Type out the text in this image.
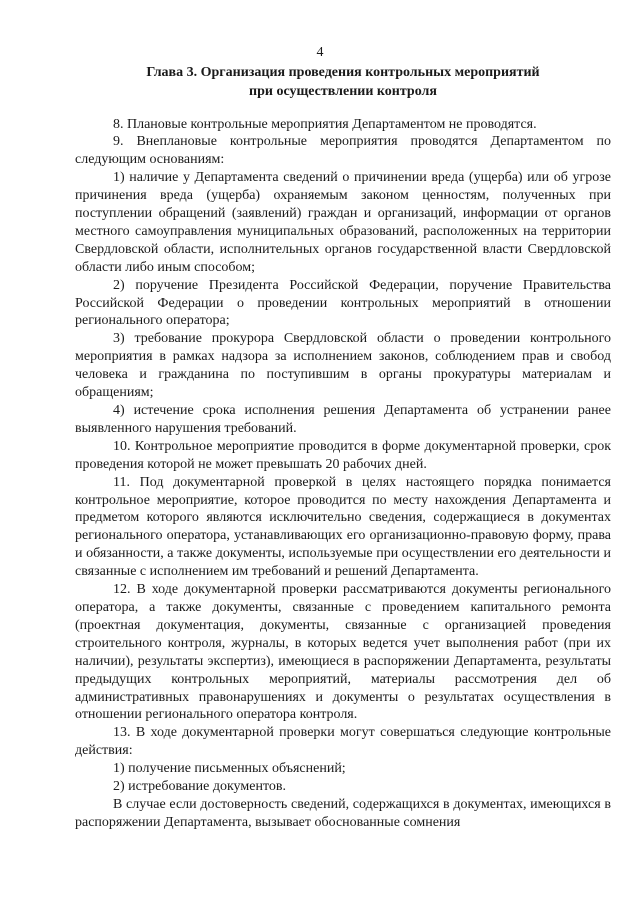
4
Глава 3. Организация проведения контрольных мероприятий
при осуществлении контроля

8. Плановые контрольные мероприятия Департаментом не проводятся.

9. Внеплановые контрольные мероприятия проводятся Департаментом по следующим основаниям:

1) наличие у Департамента сведений о причинении вреда (ущерба) или об угрозе причинения вреда (ущерба) охраняемым законом ценностям, полученных при поступлении обращений (заявлений) граждан и организаций, информации от органов местного самоуправления муниципальных образований, расположенных на территории Свердловской области, исполнительных органов государственной власти Свердловской области либо иным способом;

2) поручение Президента Российской Федерации, поручение Правительства Российской Федерации о проведении контрольных мероприятий в отношении регионального оператора;

3) требование прокурора Свердловской области о проведении контрольного мероприятия в рамках надзора за исполнением законов, соблюдением прав и свобод человека и гражданина по поступившим в органы прокуратуры материалам и обращениям;

4) истечение срока исполнения решения Департамента об устранении ранее выявленного нарушения требований.

10. Контрольное мероприятие проводится в форме документарной проверки, срок проведения которой не может превышать 20 рабочих дней.

11. Под документарной проверкой в целях настоящего порядка понимается контрольное мероприятие, которое проводится по месту нахождения Департамента и предметом которого являются исключительно сведения, содержащиеся в документах регионального оператора, устанавливающих его организационно-правовую форму, права и обязанности, а также документы, используемые при осуществлении его деятельности и связанные с исполнением им требований и решений Департамента.

12. В ходе документарной проверки рассматриваются документы регионального оператора, а также документы, связанные с проведением капитального ремонта (проектная документация, документы, связанные с организацией проведения строительного контроля, журналы, в которых ведется учет выполнения работ (при их наличии), результаты экспертиз), имеющиеся в распоряжении Департамента, результаты предыдущих контрольных мероприятий, материалы рассмотрения дел об административных правонарушениях и документы о результатах осуществления в отношении регионального оператора контроля.

13. В ходе документарной проверки могут совершаться следующие контрольные действия:

1) получение письменных объяснений;

2) истребование документов.

В случае если достоверность сведений, содержащихся в документах, имеющихся в распоряжении Департамента, вызывает обоснованные сомнения
